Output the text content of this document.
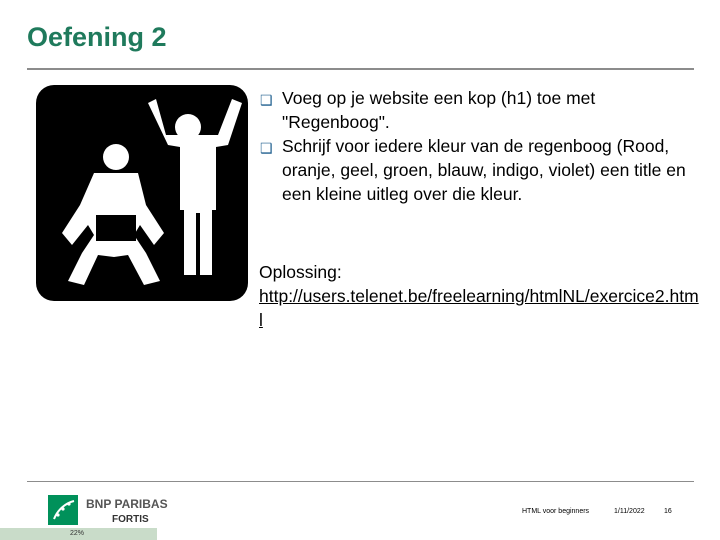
Oefening 2
❑ Voeg op je website een kop (h1) toe met "Regenboog".
❑ Schrijf voor iedere kleur van de regenboog (Rood, oranje, geel, groen, blauw, indigo, violet) een title en een kleine uitleg over die kleur.
Oplossing:
http://users.telenet.be/freelearning/htmlNL/exercice2.html
BNP PARIBAS
FORTIS
HTML voor beginners	1/11/2022	16
22%
